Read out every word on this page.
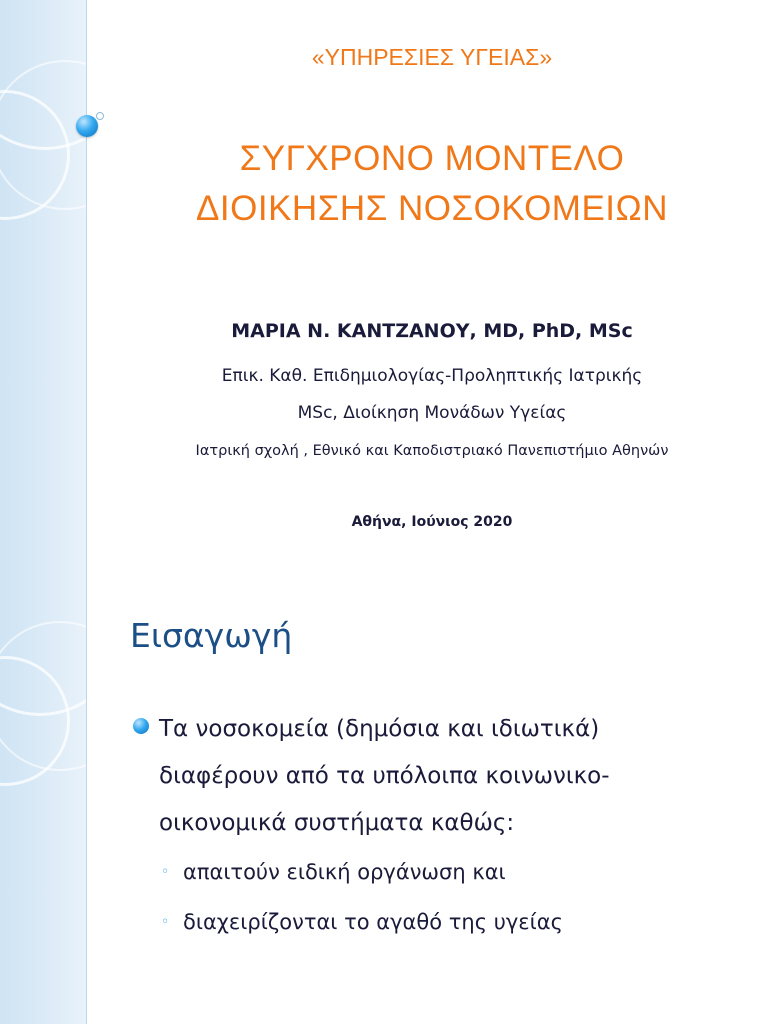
«ΥΠΗΡΕΣΙΕΣ ΥΓΕΙΑΣ»
ΣΥΓΧΡΟΝΟ ΜΟΝΤΕΛΟ
ΔΙΟΙΚΗΣΗΣ ΝΟΣΟΚΟΜΕΙΩΝ
ΜΑΡΙΑ Ν. ΚΑΝΤΖΑΝΟΥ, MD, PhD, MSc
Επικ. Καθ. Επιδημιολογίας-Προληπτικής Ιατρικής
MSc, Διοίκηση Μονάδων Υγείας
Ιατρική σχολή , Εθνικό και Καποδιστριακό Πανεπιστήμιο Αθηνών
Αθήνα, Ιούνιος 2020
Εισαγωγή
Τα νοσοκομεία (δημόσια και ιδιωτικά)
διαφέρουν από τα υπόλοιπα κοινωνικο-
οικονομικά συστήματα καθώς:
◦ απαιτούν ειδική οργάνωση και
◦ διαχειρίζονται το αγαθό της υγείας
